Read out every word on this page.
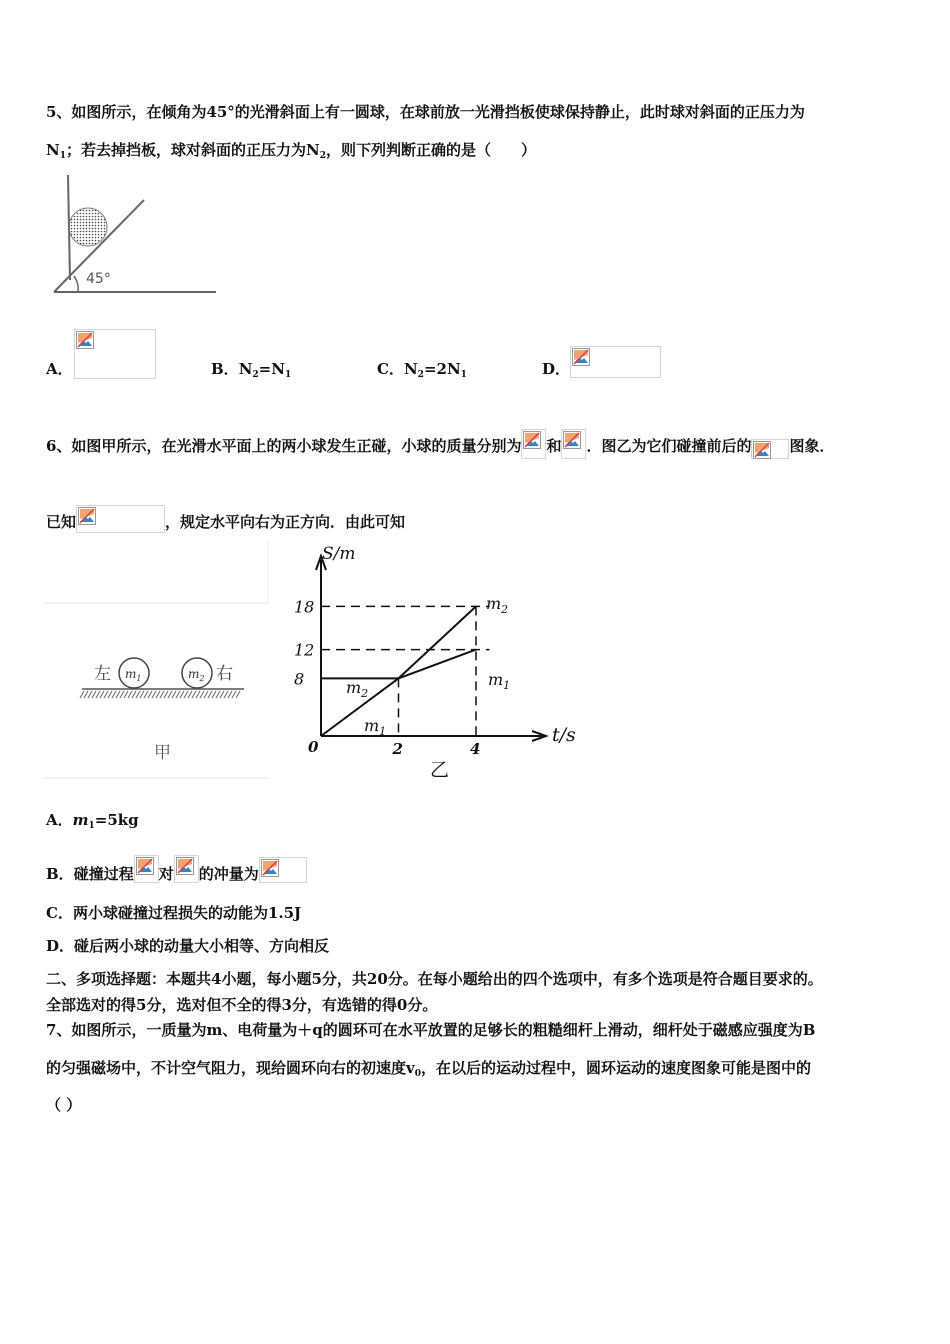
5、如图所示，在倾角为45°的光滑斜面上有一圆球，在球前放一光滑挡板使球保持静止，此时球对斜面的正压力为
$N_1$；若去掉挡板，球对斜面的正压力为$N_2$，则下列判断正确的是（　　）
45°
A．	B．$N_2=N_1$	C．$N_2=2N_1$	D．
6、如图甲所示，在光滑水平面上的两小球发生正碰，小球的质量分别为 和 ．图乙为它们碰撞前后的	图象．
已知	，规定水平向右为正方向．由此可知
左 $m_1$	$m_2$ 右
甲
18
12
8
2	4
S/m
t/s
0
$m_2$
$m_1$
$m_2$
$m_1$
乙
A．$m_1=5kg$
B．碰撞过程 对 的冲量为
C．两小球碰撞过程损失的动能为1.5J
D．碰后两小球的动量大小相等、方向相反
二、多项选择题：本题共4小题，每小题5分，共20分。在每小题给出的四个选项中，有多个选项是符合题目要求的。
全部选对的得5分，选对但不全的得3分，有选错的得0分。
7、如图所示，一质量为m、电荷量为＋q的圆环可在水平放置的足够长的粗糙细杆上滑动，细杆处于磁感应强度为B
的匀强磁场中，不计空气阻力，现给圆环向右的初速度$v_0$，在以后的运动过程中，圆环运动的速度图象可能是图中的
（ ）
